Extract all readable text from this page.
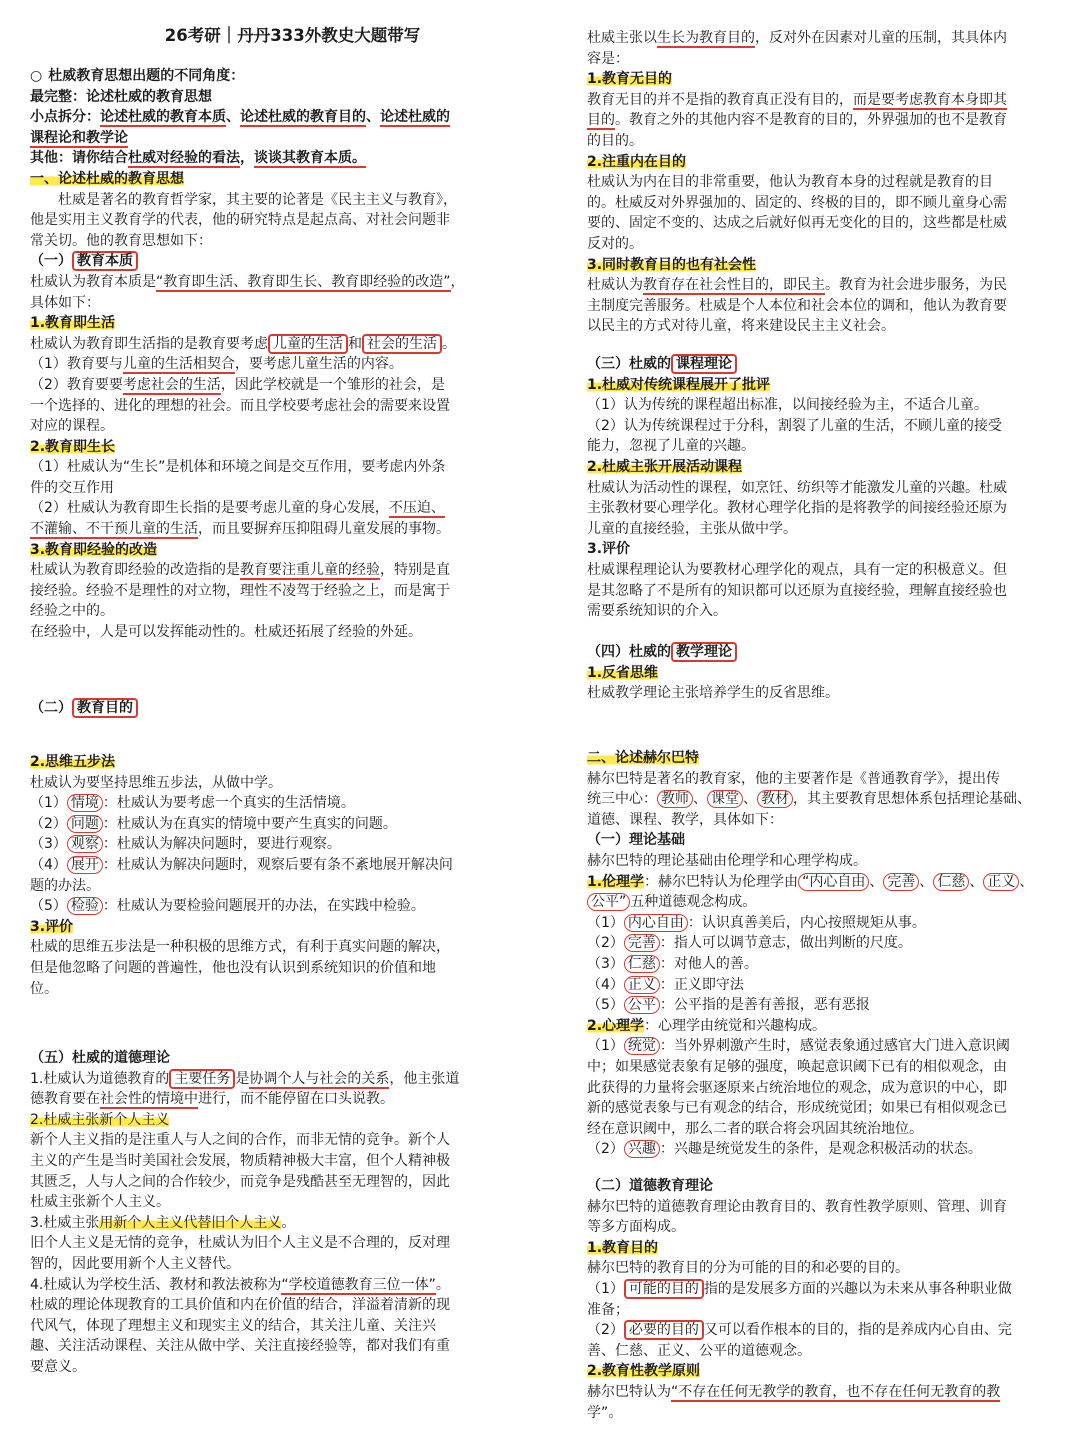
26考研｜丹丹333外教史大题带写

○ 杜威教育思想出题的不同角度：
最完整：论述杜威的教育思想
小点拆分：论述杜威的教育本质、论述杜威的教育目的、论述杜威的
课程论和教学论
其他：请你结合杜威对经验的看法，谈谈其教育本质。
一、论述杜威的教育思想
杜威是著名的教育哲学家，其主要的论著是《民主主义与教育》，
他是实用主义教育学的代表，他的研究特点是起点高、对社会问题非
常关切。他的教育思想如下：
（一） 教育本质
杜威认为教育本质是“教育即生活、教育即生长、教育即经验的改造”，
具体如下：
1.教育即生活
杜威认为教育即生活指的是教育要考虑 儿童的生活 和 社会的生活 。
（1）教育要与儿童的生活相契合，要考虑儿童生活的内容。
（2）教育要要考虑社会的生活，因此学校就是一个雏形的社会，是
一个选择的、进化的理想的社会。而且学校要考虑社会的需要来设置
对应的课程。
2.教育即生长
（1）杜威认为“生长”是机体和环境之间是交互作用，要考虑内外条
件的交互作用
（2）杜威认为教育即生长指的是要考虑儿童的身心发展，不压迫、
不灌输、不干预儿童的生活，而且要摒弃压抑阻碍儿童发展的事物。
3.教育即经验的改造
杜威认为教育即经验的改造指的是教育要注重儿童的经验，特别是直
接经验。经验不是理性的对立物，理性不凌驾于经验之上，而是寓于
经验之中的。
在经验中，人是可以发挥能动性的。杜威还拓展了经验的外延。
（二） 教育目的
2.思维五步法
杜威认为要坚持思维五步法，从做中学。
（1） 情境 ：杜威认为要考虑一个真实的生活情境。
（2） 问题 ：杜威认为在真实的情境中要产生真实的问题。
（3） 观察 ：杜威认为解决问题时，要进行观察。
（4） 展开 ：杜威认为解决问题时，观察后要有条不紊地展开解决问
题的办法。
（5） 检验 ：杜威认为要检验问题展开的办法，在实践中检验。
3.评价
杜威的思维五步法是一种积极的思维方式，有利于真实问题的解决，
但是他忽略了问题的普遍性，他也没有认识到系统知识的价值和地
位。
（五）杜威的道德理论
1.杜威认为道德教育的 主要任务 是协调个人与社会的关系，他主张道
德教育要在社会性的情境中进行，而不能停留在口头说教。
2.杜威主张新个人主义
新个人主义指的是注重人与人之间的合作，而非无情的竞争。新个人
主义的产生是当时美国社会发展，物质精神极大丰富，但个人精神极
其匮乏，人与人之间的合作较少，而竞争是残酷甚至无理智的，因此
杜威主张新个人主义。
3.杜威主张用新个人主义代替旧个人主义。
旧个人主义是无情的竞争，杜威认为旧个人主义是不合理的，反对理
智的，因此要用新个人主义替代。
4.杜威认为学校生活、教材和教法被称为“学校道德教育三位一体”。
杜威的理论体现教育的工具价值和内在价值的结合，洋溢着清新的现
代风气，体现了理想主义和现实主义的结合，其关注儿童、关注兴
趣、关注活动课程、关注从做中学、关注直接经验等，都对我们有重
要意义。
杜威主张以生长为教育目的，反对外在因素对儿童的压制，其具体内
容是：
1.教育无目的
教育无目的并不是指的教育真正没有目的，而是要考虑教育本身即其
目的。教育之外的其他内容不是教育的目的，外界强加的也不是教育
的目的。
2.注重内在目的
杜威认为内在目的非常重要，他认为教育本身的过程就是教育的目
的。杜威反对外界强加的、固定的、终极的目的，即不顾儿童身心需
要的、固定不变的、达成之后就好似再无变化的目的，这些都是杜威
反对的。
3.同时教育目的也有社会性
杜威认为教育存在社会性目的，即民主。教育为社会进步服务，为民
主制度完善服务。杜威是个人本位和社会本位的调和，他认为教育要
以民主的方式对待儿童，将来建设民主主义社会。
（三）杜威的 课程理论
1.杜威对传统课程展开了批评
（1）认为传统的课程超出标准，以间接经验为主，不适合儿童。
（2）认为传统课程过于分科，割裂了儿童的生活，不顾儿童的接受
能力，忽视了儿童的兴趣。
2.杜威主张开展活动课程
杜威认为活动性的课程，如烹饪、纺织等才能激发儿童的兴趣。杜威
主张教材要心理学化。教材心理学化指的是将教学的间接经验还原为
儿童的直接经验，主张从做中学。
3.评价
杜威课程理论认为要教材心理学化的观点，具有一定的积极意义。但
是其忽略了不是所有的知识都可以还原为直接经验，理解直接经验也
需要系统知识的介入。
（四）杜威的 教学理论
1.反省思维
杜威教学理论主张培养学生的反省思维。
二、论述赫尔巴特
赫尔巴特是著名的教育家，他的主要著作是《普通教育学》，提出传
统三中心： 教师 、 课堂 、 教材 ，其主要教育思想体系包括理论基础、
道德、课程、教学，具体如下：
（一）理论基础
赫尔巴特的理论基础由伦理学和心理学构成。
1.伦理学：赫尔巴特认为伦理学由 “内心自由 、 完善 、 仁慈 、 正义 、
公平” 五种道德观念构成。
（1） 内心自由 ：认识真善美后，内心按照规矩从事。
（2） 完善 ：指人可以调节意志，做出判断的尺度。
（3） 仁慈 ：对他人的善。
（4） 正义 ：正义即守法
（5） 公平 ：公平指的是善有善报，恶有恶报
2.心理学：心理学由统觉和兴趣构成。
（1） 统觉 ：当外界刺激产生时，感觉表象通过感官大门进入意识阈
中；如果感觉表象有足够的强度，唤起意识阈下已有的相似观念，由
此获得的力量将会驱逐原来占统治地位的观念，成为意识的中心，即
新的感觉表象与已有观念的结合，形成统觉团；如果已有相似观念已
经在意识阈中，那么二者的联合将会巩固其统治地位。
（2） 兴趣 ：兴趣是统觉发生的条件，是观念积极活动的状态。
（二）道德教育理论
赫尔巴特的道德教育理论由教育目的、教育性教学原则、管理、训育
等多方面构成。
1.教育目的
赫尔巴特的教育目的分为可能的目的和必要的目的。
（1） 可能的目的 指的是发展多方面的兴趣以为未来从事各种职业做
准备；
（2） 必要的目的 又可以看作根本的目的，指的是养成内心自由、完
善、仁慈、正义、公平的道德观念。
2.教育性教学原则
赫尔巴特认为“不存在任何无教学的教育，也不存在任何无教育的教
学”。
